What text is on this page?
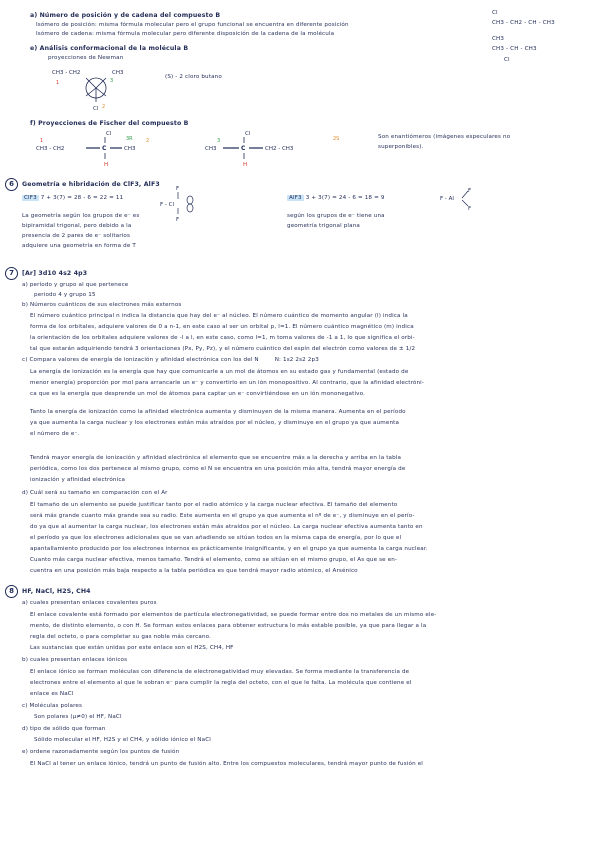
a) Número de posición y de cadena del compuesto B
Isómero de posición: misma fórmula molecular pero el grupo funcional se encuentra en diferente posición
Isómero de cadena: misma fórmula molecular pero diferente disposición de la cadena de la molécula
Cl
CH3 - CH2 - CH - CH3
CH3
CH3 - CH - CH3
Cl
e) Análisis conformacional de la molécula B
proyecciones de Newman
CH3 - CH2	CH3
1	3
Cl 2
(S) - 2 cloro butano
f) Proyecciones de Fischer del compuesto B
Cl
3R
CH3 - CH2	C	CH3
H
1	2
Cl
2S
CH3	C	CH2 - CH3
H
3
Son enantiómeros (imágenes especulares no
superponibles).
6	Geometría e hibridación de ClF3, AlF3
ClF3 7 + 3(7) = 28 - 6 = 22 = 11
F
F - Cl
F
La geometría según los grupos de e⁻ es
bipiramidal trigonal, pero debido a la
presencia de 2 pares de e⁻ solitarios
adquiere una geometría en forma de T
AlF3 3 + 3(7) = 24 - 6 = 18 = 9
F
F - Al
F
según los grupos de e⁻ tiene una
geometría trigonal plana
7	[Ar] 3d10 4s2 4p3
a) período y grupo al que pertenece
periodo 4 y grupo 15
b) Números cuánticos de sus electrones más externos
El número cuántico principal n indica la distancia que hay del e⁻ al núcleo. El número cuántico de momento angular (l) indica la
forma de los orbitales, adquiere valores de 0 a n-1, en este caso al ser un orbital p, l=1. El número cuántico magnético (m) indica
la orientación de los orbitales adquiere valores de -l a l, en este caso, como l=1, m toma valores de -1 a 1, lo que significa el orbi-
tal que estarán adquiriendo tendrá 3 orientaciones (Px, Py, Pz), y el número cuántico del espín del electrón como valores de ± 1/2
c) Compara valores de energía de ionización y afinidad electrónica con los del N	N: 1s2 2s2 2p3
La energía de ionización es la energía que hay que comunicarle a un mol de átomos en su estado gas y fundamental (estado de
menor energía) proporción por mol para arrancarle un e⁻ y convertirlo en un ión monopositivo. Al contrario, que la afinidad electróni-
ca que es la energía que desprende un mol de átomos para captar un e⁻ convirtiéndose en un ión mononegativo.
Tanto la energía de ionización como la afinidad electrónica aumenta y disminuyen de la misma manera. Aumenta en el período
ya que aumenta la carga nuclear y los electrones están más atraídos por el núcleo, y disminuye en el grupo ya que aumenta
el número de e⁻.
Tendrá mayor energía de ionización y afinidad electrónica el elemento que se encuentre más a la derecha y arriba en la tabla
periódica, como los dos pertenece al mismo grupo, como el N se encuentra en una posición más alta, tendrá mayor energía de
ionización y afinidad electrónica
d) Cuál será su tamaño en comparación con el Ar
El tamaño de un elemento se puede justificar tanto por el radio atómico y la carga nuclear efectiva. El tamaño del elemento
será más grande cuanto más grande sea su radio. Este aumenta en el grupo ya que aumenta el nº de e⁻, y disminuye en el perío-
do ya que al aumentar la carga nuclear, los electrones están más atraídos por el núcleo. La carga nuclear efectiva aumenta tanto en
el período ya que los electrones adicionales que se van añadiendo se sitúan todos en la misma capa de energía, por lo que el
apantallamiento producido por los electrones internos es prácticamente insignificante, y en el grupo ya que aumenta la carga nuclear.
Cuanto más carga nuclear efectiva, menos tamaño. Tendrá el elemento, como se sitúan en el mismo grupo, el As que se en-
cuentra en una posición más baja respecto a la tabla periódica es que tendrá mayor radio atómico, el Arsénico
8	HF, NaCl, H2S, CH4
a) cuales presentan enlaces covalentes puros
El enlace covalente está formado por elementos de partícula electronegatividad, se puede formar entre dos no metales de un mismo ele-
mento, de distinto elemento, o con H. Se forman estos enlaces para obtener estructura lo más estable posible, ya que para llegar a la
regla del octeto, o para completar su gas noble más cercano.
Las sustancias que están unidas por este enlace son el H2S, CH4, HF
b) cuales presentan enlaces iónicos
El enlace iónico se forman moléculas con diferencia de electronegatividad muy elevadas. Se forma mediante la transferencia de
electrones entre el elemento al que le sobran e⁻ para cumplir la regla del octeto, con el que le falta. La molécula que contiene el
enlace es NaCl
c) Moléculas polares
Son polares (μ≠0) el HF, NaCl
d) tipo de sólido que forman
Sólido molecular el HF, H2S y el CH4, y sólido iónico el NaCl
e) ordene razonadamente según los puntos de fusión
El NaCl al tener un enlace iónico, tendrá un punto de fusión alto. Entre los compuestos moleculares, tendrá mayor punto de fusión el
